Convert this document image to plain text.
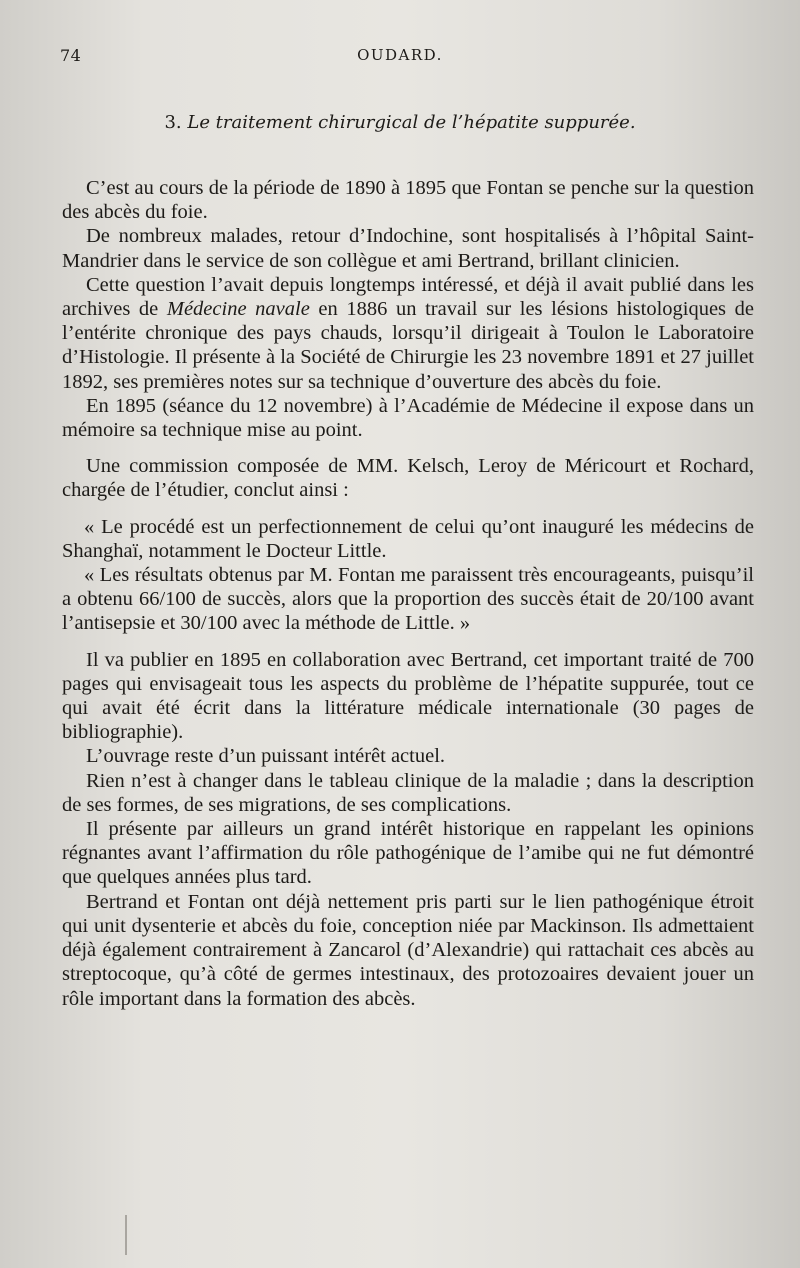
74	OUDARD.
3. Le traitement chirurgical de l’hépatite suppurée.

C’est au cours de la période de 1890 à 1895 que Fontan se penche sur la question des abcès du foie.

De nombreux malades, retour d’Indochine, sont hospitalisés à l’hôpital Saint-Mandrier dans le service de son collègue et ami Bertrand, brillant clinicien.

Cette question l’avait depuis longtemps intéressé, et déjà il avait publié dans les archives de Médecine navale en 1886 un travail sur les lésions histologiques de l’entérite chronique des pays chauds, lorsqu’il dirigeait à Toulon le Laboratoire d’Histologie. Il présente à la Société de Chirurgie les 23 novembre 1891 et 27 juillet 1892, ses premières notes sur sa technique d’ouverture des abcès du foie.

En 1895 (séance du 12 novembre) à l’Académie de Médecine il expose dans un mémoire sa technique mise au point.

Une commission composée de MM. Kelsch, Leroy de Méricourt et Rochard, chargée de l’étudier, conclut ainsi :

« Le procédé est un perfectionnement de celui qu’ont inauguré les médecins de Shanghaï, notamment le Docteur Little.

« Les résultats obtenus par M. Fontan me paraissent très encourageants, puisqu’il a obtenu 66/100 de succès, alors que la proportion des succès était de 20/100 avant l’antisepsie et 30/100 avec la méthode de Little. »

Il va publier en 1895 en collaboration avec Bertrand, cet important traité de 700 pages qui envisageait tous les aspects du problème de l’hépatite suppurée, tout ce qui avait été écrit dans la littérature médicale internationale (30 pages de bibliographie).

L’ouvrage reste d’un puissant intérêt actuel.

Rien n’est à changer dans le tableau clinique de la maladie ; dans la description de ses formes, de ses migrations, de ses complications.

Il présente par ailleurs un grand intérêt historique en rappelant les opinions régnantes avant l’affirmation du rôle pathogénique de l’amibe qui ne fut démontré que quelques années plus tard.

Bertrand et Fontan ont déjà nettement pris parti sur le lien pathogénique étroit qui unit dysenterie et abcès du foie, conception niée par Mackinson. Ils admettaient déjà également contrairement à Zancarol (d’Alexandrie) qui rattachait ces abcès au streptocoque, qu’à côté de germes intestinaux, des protozoaires devaient jouer un rôle important dans la formation des abcès.
